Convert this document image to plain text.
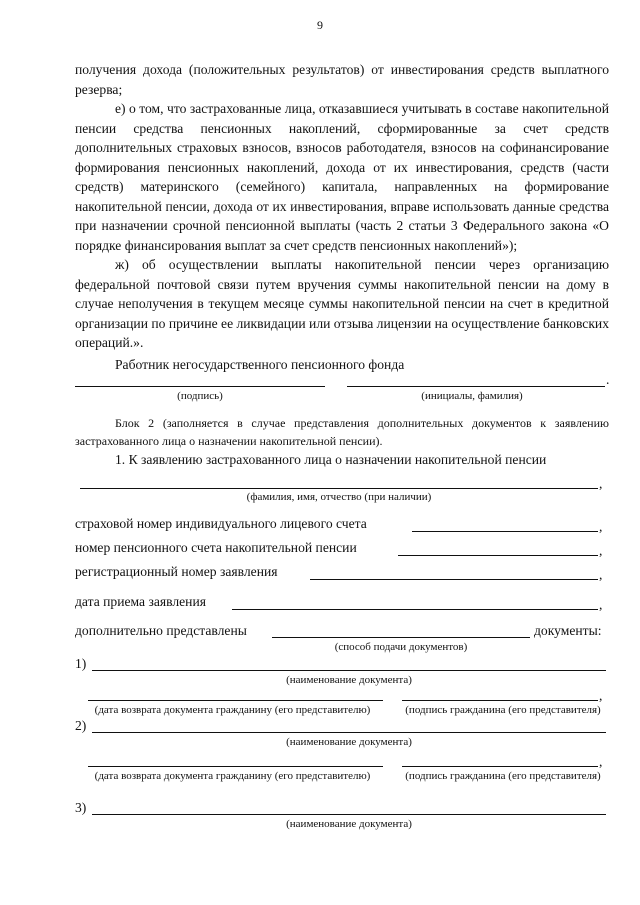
9

получения дохода (положительных результатов) от инвестирования средств выплатного резерва;

е) о том, что застрахованные лица, отказавшиеся учитывать в составе накопительной пенсии средства пенсионных накоплений, сформированные за счет средств дополнительных страховых взносов, взносов работодателя, взносов на софинансирование формирования пенсионных накоплений, дохода от их инвестирования, средств (части средств) материнского (семейного) капитала, направленных на формирование накопительной пенсии, дохода от их инвестирования, вправе использовать данные средства при назначении срочной пенсионной выплаты (часть 2 статьи 3 Федерального закона «О порядке финансирования выплат за счет средств пенсионных накоплений»);

ж) об осуществлении выплаты накопительной пенсии через организацию федеральной почтовой связи путем вручения суммы накопительной пенсии на дому в случае неполучения в текущем месяце суммы накопительной пенсии на счет в кредитной организации по причине ее ликвидации или отзыва лицензии на осуществление банковских операций.».

Работник негосударственного пенсионного фонда

.
(подпись)	(инициалы, фамилия)
Блок 2 (заполняется в случае представления дополнительных документов к заявлению застрахованного лица о назначении накопительной пенсии).
1. К заявлению застрахованного лица о назначении накопительной пенсии
,
(фамилия, имя, отчество (при наличии)
страховой номер индивидуального лицевого счета	,
номер пенсионного счета накопительной пенсии	,
регистрационный номер заявления	,
дата приема заявления	,
дополнительно представлены	документы:
(способ подачи документов)
1)
(наименование документа)
,
(дата возврата документа гражданину (его представителю)	(подпись гражданина (его представителя)
2)
(наименование документа)
,
(дата возврата документа гражданину (его представителю)	(подпись гражданина (его представителя)
3)
(наименование документа)
